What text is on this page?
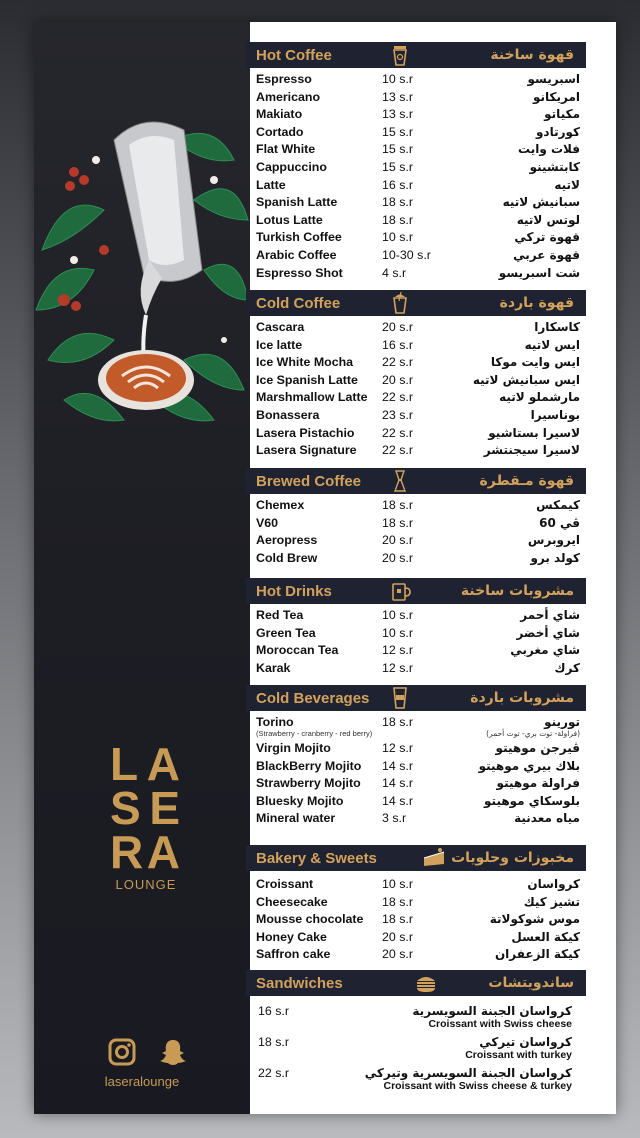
L A
S E
R A
LOUNGE
laseralounge
Hot Coffee	قهوة ساخنة
Espresso	10 s.r	اسبريسو
Americano	13 s.r	امريكانو
Makiato	13 s.r	مكياتو
Cortado	15 s.r	كورتادو
Flat White	15 s.r	فلات وايت
Cappuccino	15 s.r	كابتشينو
Latte	16 s.r	لاتيه
Spanish Latte	18 s.r	سبانيش لاتيه
Lotus Latte	18 s.r	لوتس لاتيه
Turkish Coffee	10 s.r	قهوة تركي
Arabic Coffee	10-30 s.r	قهوة عربي
Espresso Shot	4 s.r	شت اسبريسو
Cold Coffee	قهوة باردة
Cascara	20 s.r	كاسكارا
Ice latte	16 s.r	ايس لاتيه
Ice White Mocha 22 s.r	ايس وايت موكا
Ice Spanish Latte 20 s.r	ايس سبانيش لاتيه
Marshmallow Latte 22 s.r	مارشملو لاتيه
Bonassera	23 s.r	بوناسيرا
Lasera Pistachio 22 s.r	لاسيرا بستاشيو
Lasera Signature 22 s.r	لاسيرا سيجنتشر
Brewed Coffee	قهوة مـقطرة
Chemex	18 s.r	كيمكس
V60	18 s.r	ڤي 60
Aeropress	20 s.r	ايروبرس
Cold Brew	20 s.r	كولد برو
Hot Drinks	مشروبات ساخنة
Red Tea	10 s.r	شاي أحمر
Green Tea	10 s.r	شاي أخضر
Moroccan Tea	12 s.r	شاي مغربي
Karak	12 s.r	كرك
Cold Beverages	مشروبات باردة
Torino	18 s.r	تورينو
(Strawberry - cranberry - red berry)	(فراولة- توت بري- توت أحمر)
Virgin Mojito	12 s.r	ڤيرجن موهيتو
BlackBerry Mojito 14 s.r	بلاك بيري موهيتو
Strawberry Mojito 14 s.r	فراولة موهيتو
Bluesky Mojito	14 s.r	بلوسكاي موهيتو
Mineral water	3 s.r	مياه معدنية
Bakery & Sweets	مخبوزات وحلويات
Croissant	10 s.r	كرواسان
Cheesecake	18 s.r	تشيز كيك
Mousse chocolate 18 s.r	موس شوكولاتة
Honey Cake	20 s.r	كيكة العسل
Saffron cake	20 s.r	كيكة الزعفران
Sandwiches	ساندويتشات
16 s.r	كرواسان الجبنة السويسرية
Croissant with Swiss cheese
18 s.r	كرواسان تيركي
Croissant with turkey
22 s.r	كرواسان الجبنة السويسرية وتيركي
Croissant with Swiss cheese & turkey
